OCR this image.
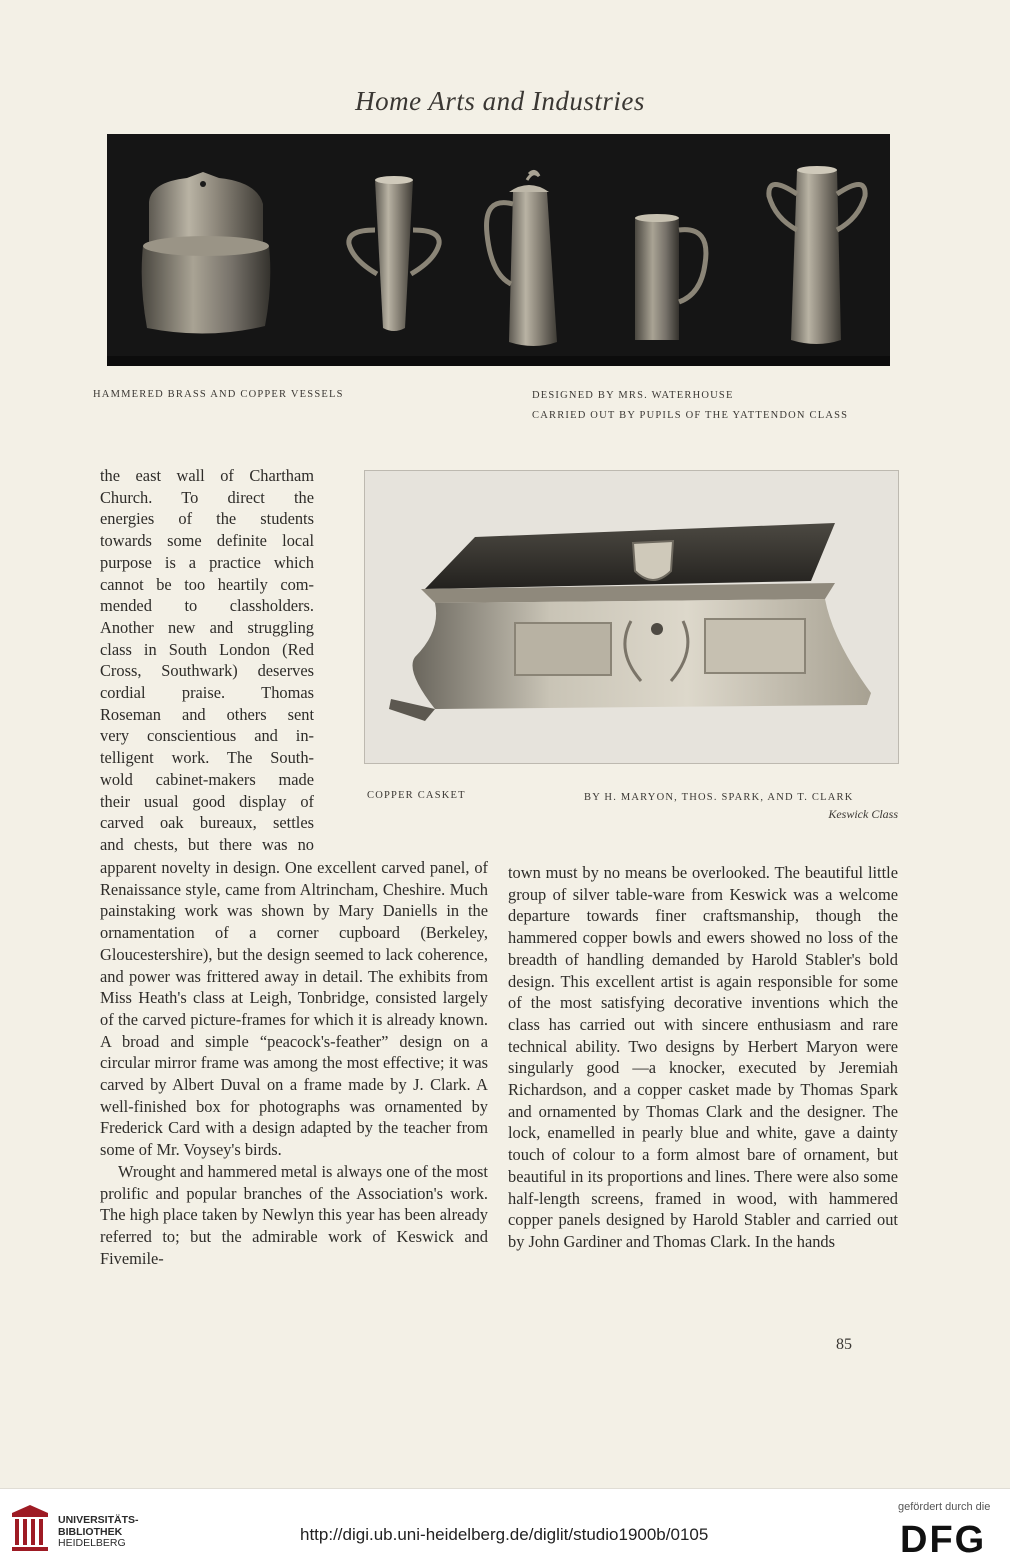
Home Arts and Industries
HAMMERED BRASS AND COPPER VESSELS	DESIGNED BY MRS. WATERHOUSE
CARRIED OUT BY PUPILS OF THE YATTENDON CLASS
COPPER CASKET	BY H. MARYON, THOS. SPARK, AND T. CLARK
Keswick Class
the east wall of Chartham
Church. To direct the
energies of the students
towards some definite local
purpose is a practice which
cannot be too heartily com-
mended to classholders.
Another new and struggling
class in South London (Red
Cross, Southwark) deserves
cordial praise. Thomas
Roseman and others sent
very conscientious and in-
telligent work. The South-
wold cabinet-makers made
their usual good display of
carved oak bureaux, settles
and chests, but there was no

apparent novelty in design. One excellent carved panel, of Renaissance style, came from Altrincham, Cheshire. Much painstaking work was shown by Mary Daniells in the ornamentation of a corner cupboard (Berkeley, Gloucestershire), but the design seemed to lack coherence, and power was frittered away in detail. The exhibits from Miss Heath's class at Leigh, Tonbridge, consisted largely of the carved picture-frames for which it is already known. A broad and simple “peacock's-feather” design on a circular mirror frame was among the most effective; it was carved by Albert Duval on a frame made by J. Clark. A well-finished box for photographs was ornamented by Frederick Card with a design adapted by the teacher from some of Mr. Voysey's birds.

Wrought and hammered metal is always one of the most prolific and popular branches of the Association's work. The high place taken by Newlyn this year has been already referred to; but the admirable work of Keswick and Fivemile-

town must by no means be overlooked. The beautiful little group of silver table-ware from Keswick was a welcome departure towards finer craftsmanship, though the hammered copper bowls and ewers showed no loss of the breadth of handling demanded by Harold Stabler's bold design. This excellent artist is again responsible for some of the most satisfying decorative inventions which the class has carried out with sincere enthusiasm and rare technical ability. Two designs by Herbert Maryon were singularly good —a knocker, executed by Jeremiah Richardson, and a copper casket made by Thomas Spark and ornamented by Thomas Clark and the designer. The lock, enamelled in pearly blue and white, gave a dainty touch of colour to a form almost bare of ornament, but beautiful in its proportions and lines. There were also some half-length screens, framed in wood, with hammered copper panels designed by Harold Stabler and carried out by John Gardiner and Thomas Clark. In the hands

85
UNIVERSITÄTS-
BIBLIOTHEK
HEIDELBERG	http://digi.ub.uni-heidelberg.de/diglit/studio1900b/0105
gefördert durch die
DFG
